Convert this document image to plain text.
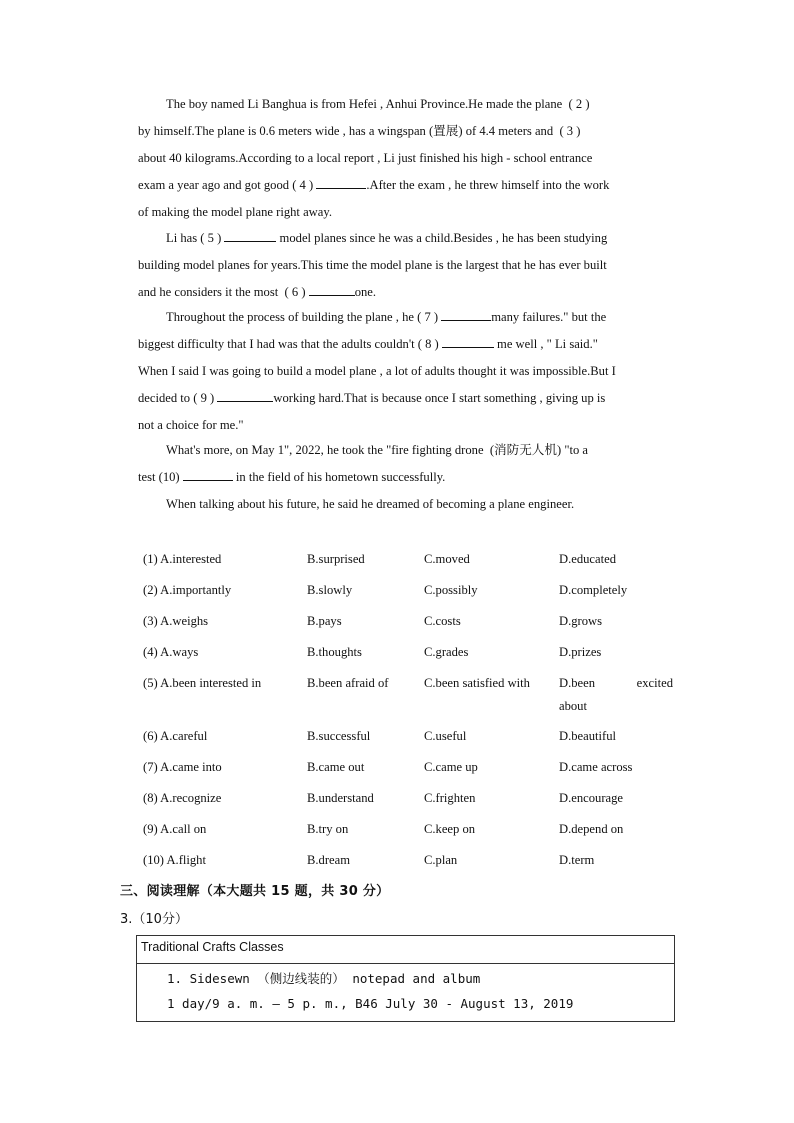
The boy named Li Banghua is from Hefei , Anhui Province.He made the plane  ( 2 )
by himself.The plane is 0.6 meters wide , has a wingspan (置展) of 4.4 meters and  ( 3 )
about 40 kilograms.According to a local report , Li just finished his high - school entrance
exam a year ago and got good ( 4 )	.After the exam , he threw himself into the work
of making the model plane right away.

Li has ( 5 )	model planes since he was a child.Besides , he has been studying
building model planes for years.This time the model plane is the largest that he has ever built
and he considers it the most  ( 6 )	one.

Throughout the process of building the plane , he ( 7 )	many failures." but the
biggest difficulty that I had was that the adults couldn't ( 8 )	me well , " Li said."
When I said I was going to build a model plane , a lot of adults thought it was impossible.But I
decided to ( 9 )	working hard.That is because once I start something , giving up is
not a choice for me."

What's more, on May 1", 2022, he took the "fire fighting drone  (消防无人机) "to a
test (10)	in the field of his hometown successfully.

When talking about his future, he said he dreamed of becoming a plane engineer.

(1) A.interested	B.surprised	C.moved	D.educated
(2) A.importantly	B.slowly	C.possibly	D.completely
(3) A.weighs	B.pays	C.costs	D.grows
(4) A.ways	B.thoughts	C.grades	D.prizes
(5) A.been interested in	B.been afraid of	C.been satisfied with D.been	excited
about
(6) A.careful	B.successful	C.useful	D.beautiful
(7) A.came into	B.came out	C.came up	D.came across
(8) A.recognize	B.understand	C.frighten	D.encourage
(9) A.call on	B.try on	C.keep on	D.depend on
(10) A.flight	B.dream	C.plan	D.term
三、阅读理解（本大题共 15 题，共 30 分）
3.（10分）
Traditional Crafts Classes
1. Sidesewn （侧边线装的） notepad and album
1 day/9 a. m. – 5 p. m., B46 July 30 - August 13, 2019
